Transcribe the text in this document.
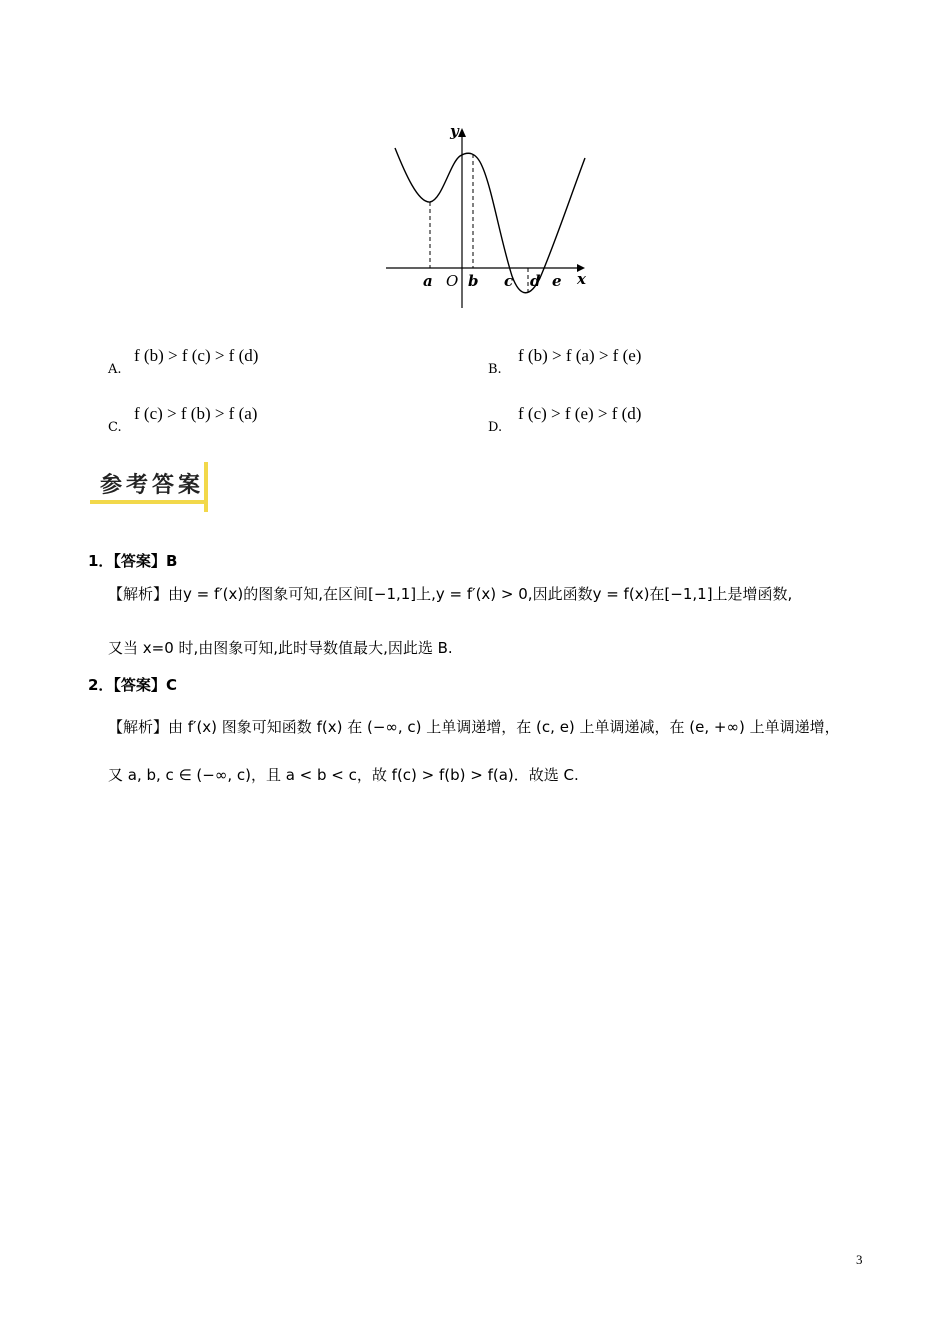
y
x
a O b c d e
A.
f (b) > f (c) > f (d)
B.
f (b) > f (a) > f (e)
C.
f (c) > f (b) > f (a)
D.
f (c) > f (e) > f (d)
参考答案
1．【答案】B
【解析】由y = f′(x)的图象可知,在区间[−1,1]上,y = f′(x) > 0,因此函数y = f(x)在[−1,1]上是增函数,
又当 x=0 时,由图象可知,此时导数值最大,因此选 B.
2．【答案】C
【解析】由 f′(x) 图象可知函数 f(x) 在 (−∞, c) 上单调递增，在 (c, e) 上单调递减，在 (e, +∞) 上单调递增，
又 a, b, c ∈ (−∞, c)，且 a < b < c，故 f(c) > f(b) > f(a)．故选 C.
3
